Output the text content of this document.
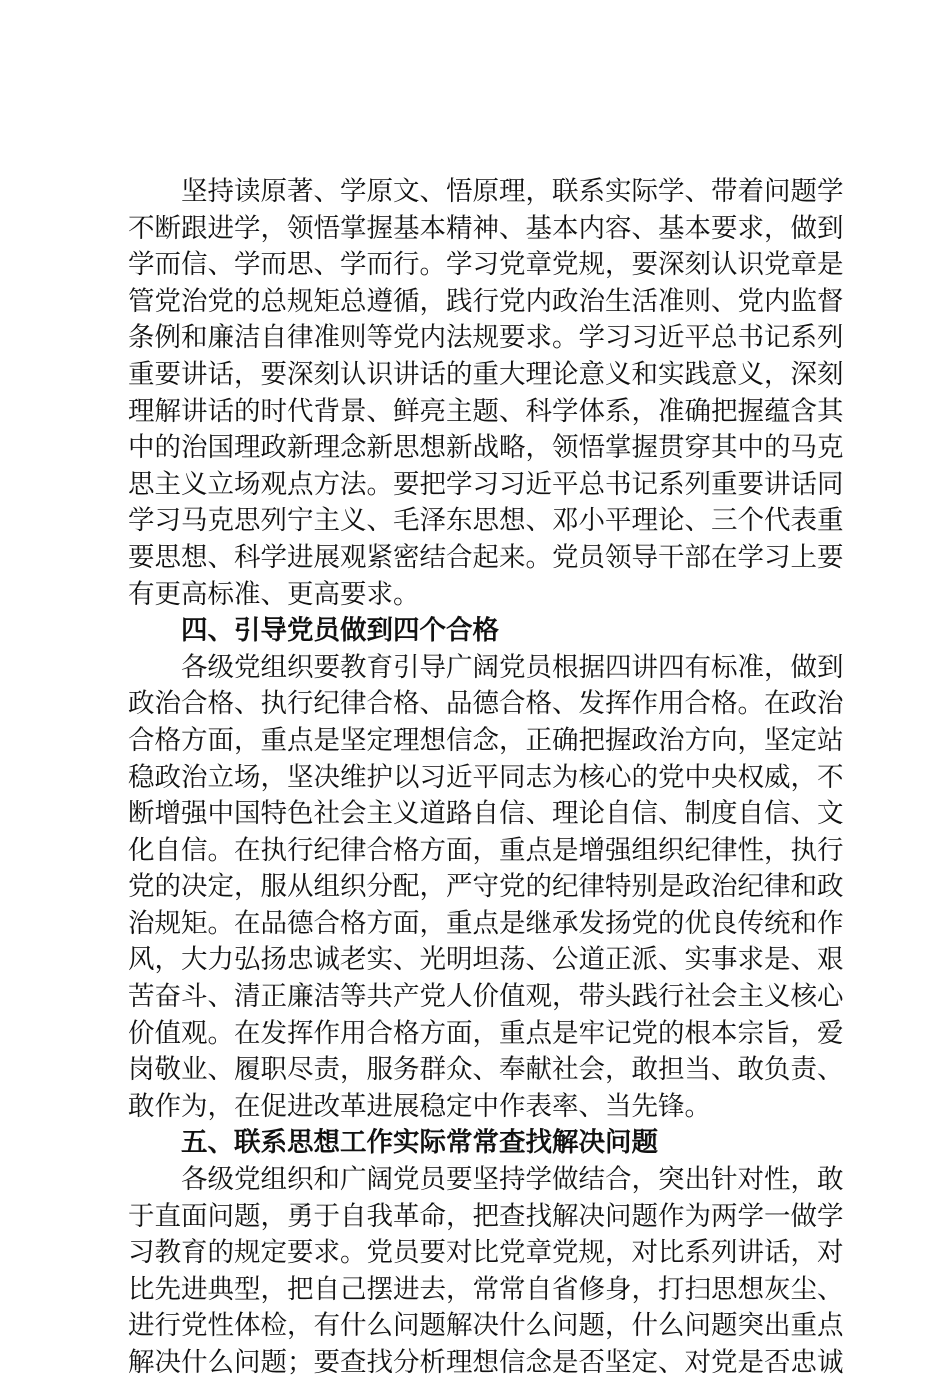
坚持读原著、学原文、悟原理，联系实际学、带着问题学
不断跟进学，领悟掌握基本精神、基本内容、基本要求，做到
学而信、学而思、学而行。学习党章党规，要深刻认识党章是
管党治党的总规矩总遵循，践行党内政治生活准则、党内监督
条例和廉洁自律准则等党内法规要求。学习习近平总书记系列
重要讲话，要深刻认识讲话的重大理论意义和实践意义，深刻
理解讲话的时代背景、鲜亮主题、科学体系，准确把握蕴含其
中的治国理政新理念新思想新战略，领悟掌握贯穿其中的马克
思主义立场观点方法。要把学习习近平总书记系列重要讲话同
学习马克思列宁主义、毛泽东思想、邓小平理论、三个代表重
要思想、科学进展观紧密结合起来。党员领导干部在学习上要
有更高标准、更高要求。
四、引导党员做到四个合格
各级党组织要教育引导广阔党员根据四讲四有标准，做到
政治合格、执行纪律合格、品德合格、发挥作用合格。在政治
合格方面，重点是坚定理想信念，正确把握政治方向，坚定站
稳政治立场，坚决维护以习近平同志为核心的党中央权威，不
断增强中国特色社会主义道路自信、理论自信、制度自信、文
化自信。在执行纪律合格方面，重点是增强组织纪律性，执行
党的决定，服从组织分配，严守党的纪律特别是政治纪律和政
治规矩。在品德合格方面，重点是继承发扬党的优良传统和作
风，大力弘扬忠诚老实、光明坦荡、公道正派、实事求是、艰
苦奋斗、清正廉洁等共产党人价值观，带头践行社会主义核心
价值观。在发挥作用合格方面，重点是牢记党的根本宗旨，爱
岗敬业、履职尽责，服务群众、奉献社会，敢担当、敢负责、
敢作为，在促进改革进展稳定中作表率、当先锋。
五、联系思想工作实际常常查找解决问题
各级党组织和广阔党员要坚持学做结合，突出针对性，敢
于直面问题，勇于自我革命，把查找解决问题作为两学一做学
习教育的规定要求。党员要对比党章党规，对比系列讲话，对
比先进典型，把自己摆进去，常常自省修身，打扫思想灰尘、
进行党性体检，有什么问题解决什么问题，什么问题突出重点
解决什么问题；要查找分析理想信念是否坚定、对党是否忠诚
